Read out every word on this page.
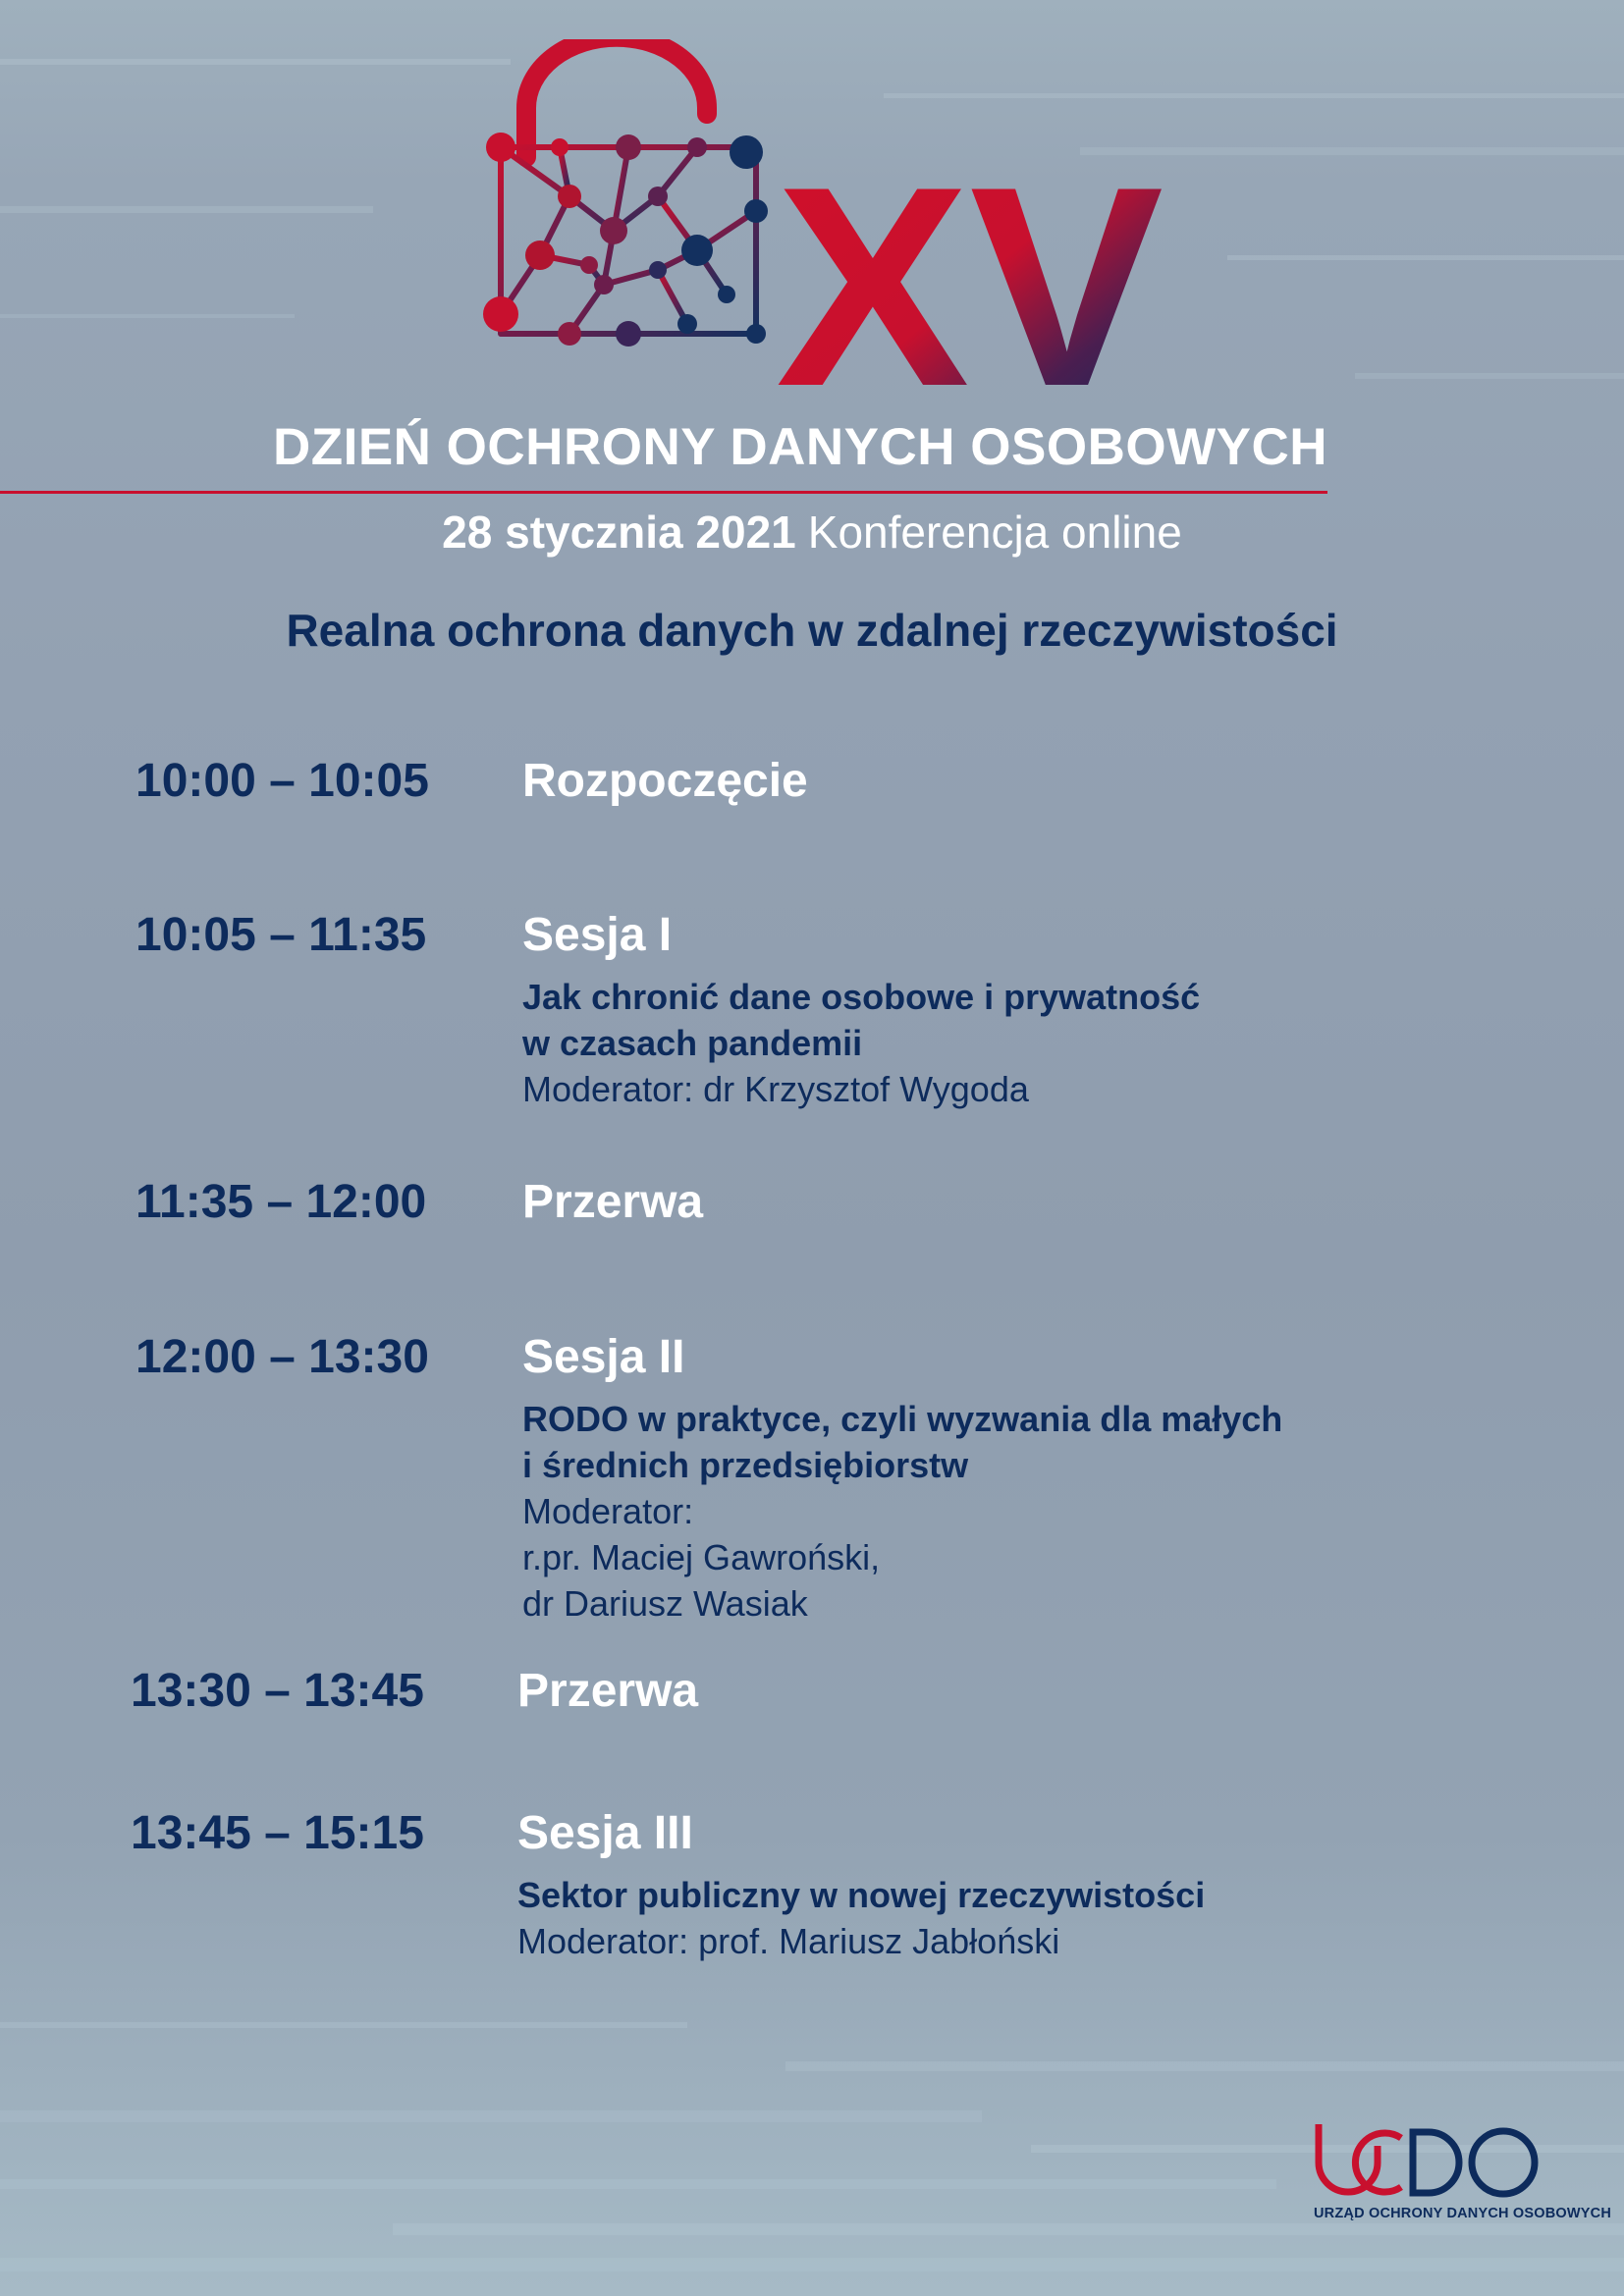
XV
DZIEŃ OCHRONY DANYCH OSOBOWYCH
28 stycznia 2021 Konferencja online
Realna ochrona danych w zdalnej rzeczywistości
10:00 – 10:05 Rozpoczęcie
10:05 – 11:35 Sesja I
Jak chronić dane osobowe i prywatność
w czasach pandemii
Moderator: dr Krzysztof Wygoda
11:35 – 12:00 Przerwa
12:00 – 13:30 Sesja II
RODO w praktyce, czyli wyzwania dla małych
i średnich przedsiębiorstw
Moderator:
r.pr. Maciej Gawroński,
dr Dariusz Wasiak
13:30 – 13:45 Przerwa
13:45 – 15:15 Sesja III
Sektor publiczny w nowej rzeczywistości
Moderator: prof. Mariusz Jabłoński
URZĄD OCHRONY DANYCH OSOBOWYCH
